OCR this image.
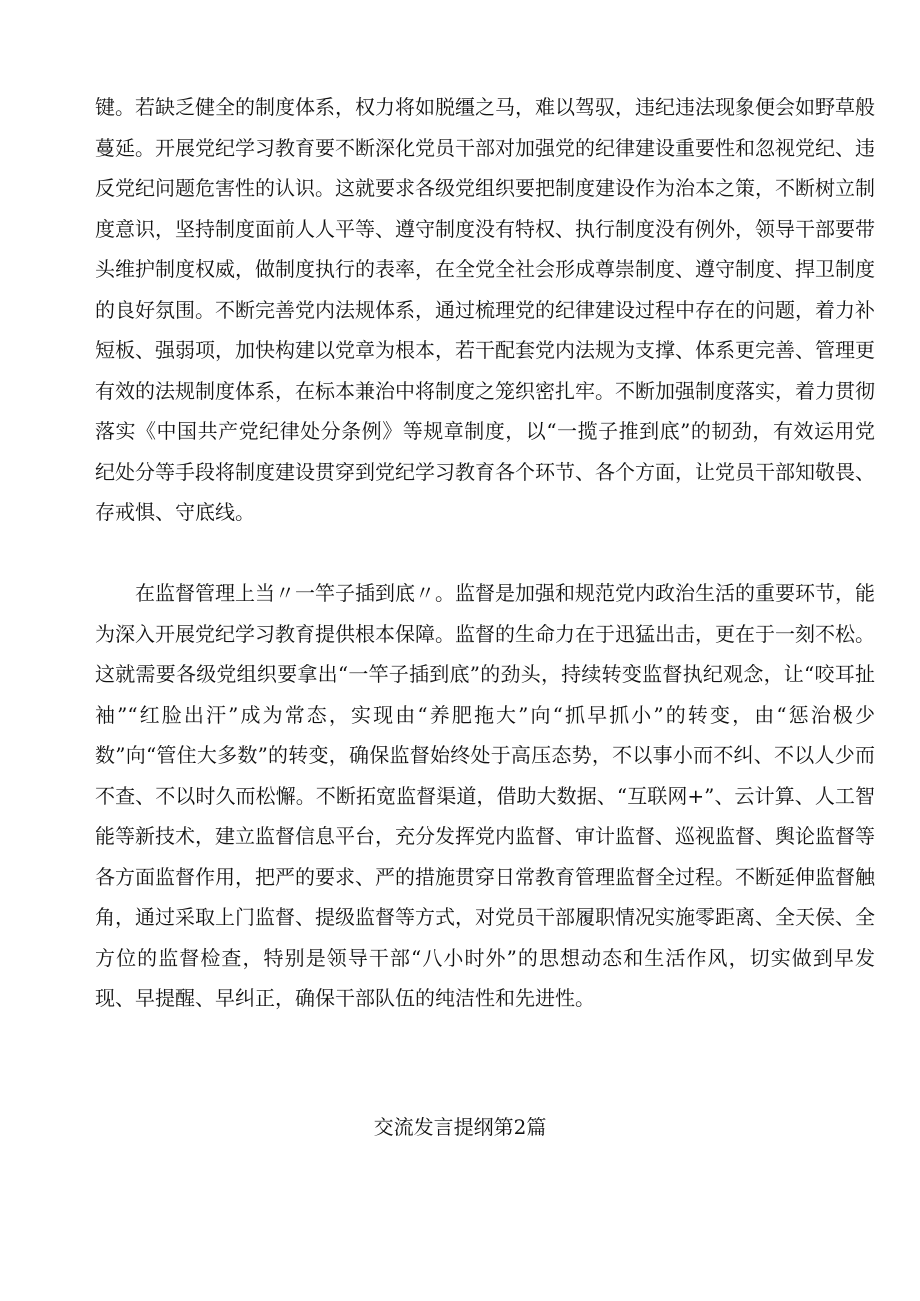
键。若缺乏健全的制度体系，权力将如脱缰之马，难以驾驭，违纪违法现象便会如野草般蔓延。开展党纪学习教育要不断深化党员干部对加强党的纪律建设重要性和忽视党纪、违反党纪问题危害性的认识。这就要求各级党组织要把制度建设作为治本之策，不断树立制度意识，坚持制度面前人人平等、遵守制度没有特权、执行制度没有例外，领导干部要带头维护制度权威，做制度执行的表率，在全党全社会形成尊崇制度、遵守制度、捍卫制度的良好氛围。不断完善党内法规体系，通过梳理党的纪律建设过程中存在的问题，着力补短板、强弱项，加快构建以党章为根本，若干配套党内法规为支撑、体系更完善、管理更有效的法规制度体系，在标本兼治中将制度之笼织密扎牢。不断加强制度落实，着力贯彻落实《中国共产党纪律处分条例》等规章制度，以“一揽子推到底”的韧劲，有效运用党纪处分等手段将制度建设贯穿到党纪学习教育各个环节、各个方面，让党员干部知敬畏、存戒惧、守底线。

在监督管理上当〃一竿子插到底〃。监督是加强和规范党内政治生活的重要环节，能为深入开展党纪学习教育提供根本保障。监督的生命力在于迅猛出击，更在于一刻不松。这就需要各级党组织要拿出“一竿子插到底”的劲头，持续转变监督执纪观念，让“咬耳扯袖”“红脸出汗”成为常态，实现由“养肥拖大”向“抓早抓小”的转变，由“惩治极少数”向“管住大多数”的转变，确保监督始终处于高压态势，不以事小而不纠、不以人少而不查、不以时久而松懈。不断拓宽监督渠道，借助大数据、“互联网+”、云计算、人工智能等新技术，建立监督信息平台，充分发挥党内监督、审计监督、巡视监督、舆论监督等各方面监督作用，把严的要求、严的措施贯穿日常教育管理监督全过程。不断延伸监督触角，通过采取上门监督、提级监督等方式，对党员干部履职情况实施零距离、全天侯、全方位的监督检查，特别是领导干部“八小时外”的思想动态和生活作风，切实做到早发现、早提醒、早纠正，确保干部队伍的纯洁性和先进性。

交流发言提纲第2篇
